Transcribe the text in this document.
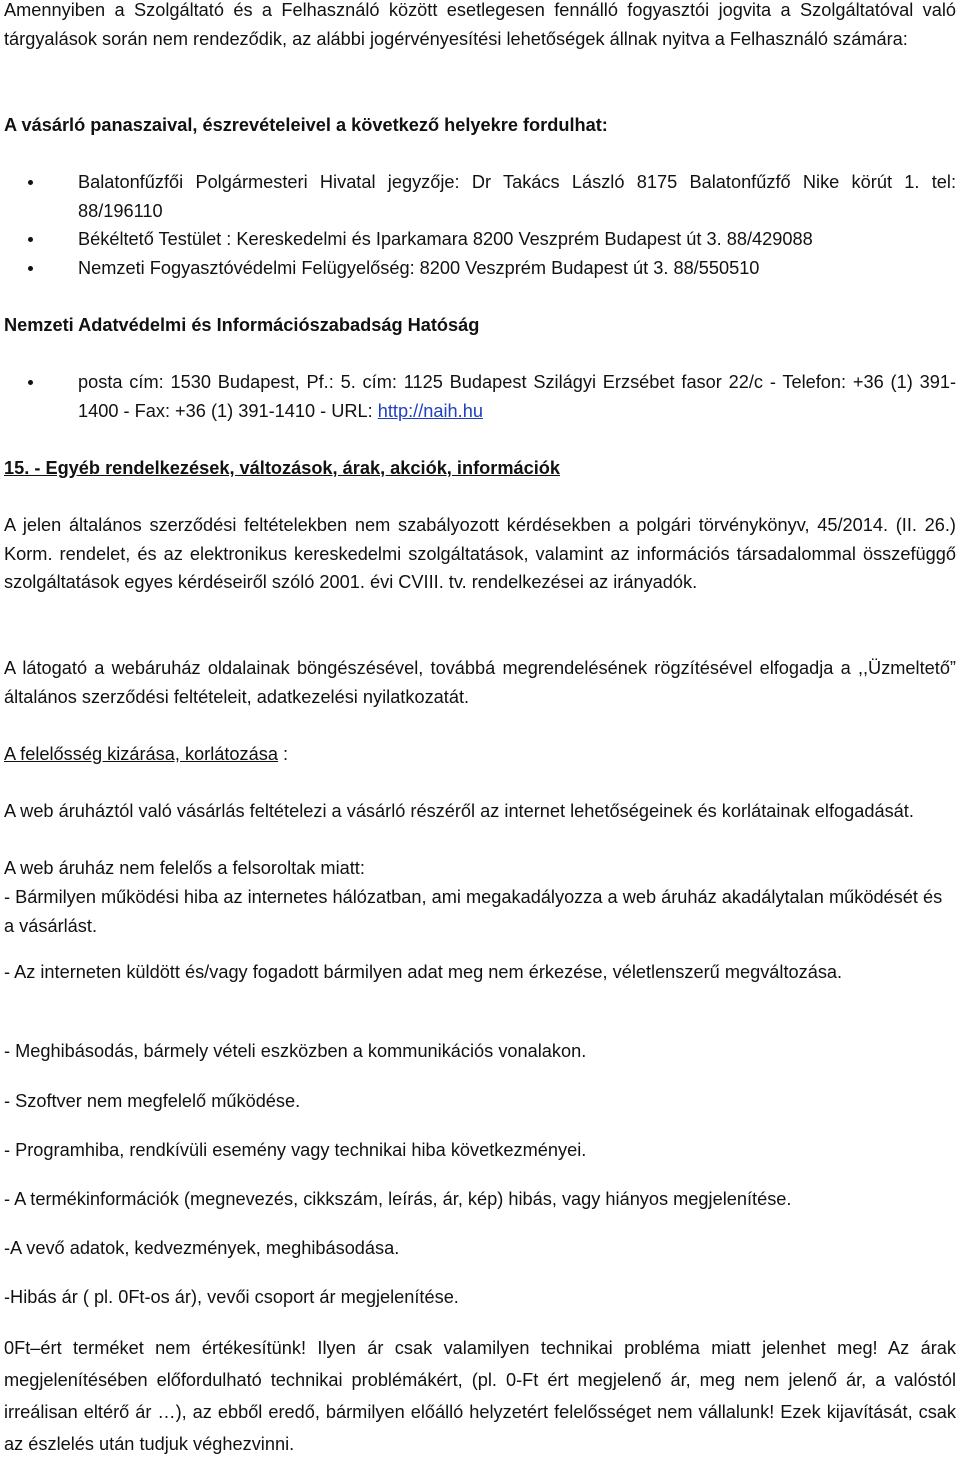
Amennyiben a Szolgáltató és a Felhasználó között esetlegesen fennálló fogyasztói jogvita a Szolgáltatóval való tárgyalások során nem rendeződik, az alábbi jogérvényesítési lehetőségek állnak nyitva a Felhasználó számára:

A vásárló panaszaival, észrevételeivel a következő helyekre fordulhat:

Balatonfűzfői Polgármesteri Hivatal jegyzője: Dr Takács László 8175 Balatonfűzfő Nike körút 1. tel: 88/196110
Békéltető Testület : Kereskedelmi és Iparkamara 8200 Veszprém Budapest út 3. 88/429088
Nemzeti Fogyasztóvédelmi Felügyelőség: 8200 Veszprém Budapest út 3. 88/550510

Nemzeti Adatvédelmi és Információszabadság Hatóság

posta cím: 1530 Budapest, Pf.: 5. cím: 1125 Budapest Szilágyi Erzsébet fasor 22/c - Telefon: +36 (1) 391-1400 - Fax: +36 (1) 391-1410 - URL: http://naih.hu

15. - Egyéb rendelkezések, változások, árak, akciók, információk

A jelen általános szerződési feltételekben nem szabályozott kérdésekben a polgári törvénykönyv, 45/2014. (II. 26.) Korm. rendelet, és az elektronikus kereskedelmi szolgáltatások, valamint az információs társadalommal összefüggő szolgáltatások egyes kérdéseiről szóló 2001. évi CVIII. tv. rendelkezései az irányadók.

A látogató a webáruház oldalainak böngészésével, továbbá megrendelésének rögzítésével elfogadja a ,,Üzmeltető” általános szerződési feltételeit, adatkezelési nyilatkozatát.

A felelősség kizárása, korlátozása :

A web áruháztól való vásárlás feltételezi a vásárló részéről az internet lehetőségeinek és korlátainak elfogadását.

A web áruház nem felelős a felsoroltak miatt:

- Bármilyen működési hiba az internetes hálózatban, ami megakadályozza a web áruház akadálytalan működését és a vásárlást.

- Az interneten küldött és/vagy fogadott bármilyen adat meg nem érkezése, véletlenszerű megváltozása.

- Meghibásodás, bármely vételi eszközben a kommunikációs vonalakon.

- Szoftver nem megfelelő működése.

- Programhiba, rendkívüli esemény vagy technikai hiba következményei.

- A termékinformációk (megnevezés, cikkszám, leírás, ár, kép) hibás, vagy hiányos megjelenítése.

-A vevő adatok, kedvezmények, meghibásodása.

-Hibás ár ( pl. 0Ft-os ár), vevői csoport ár megjelenítése.

0Ft–ért terméket nem értékesítünk! Ilyen ár csak valamilyen technikai probléma miatt jelenhet meg! Az árak megjelenítésében előfordulható technikai problémákért, (pl. 0-Ft ért megjelenő ár, meg nem jelenő ár, a valóstól irreálisan eltérő ár …), az ebből eredő, bármilyen előálló helyzetért felelősséget nem vállalunk! Ezek kijavítását, csak az észlelés után tudjuk véghezvinni.
